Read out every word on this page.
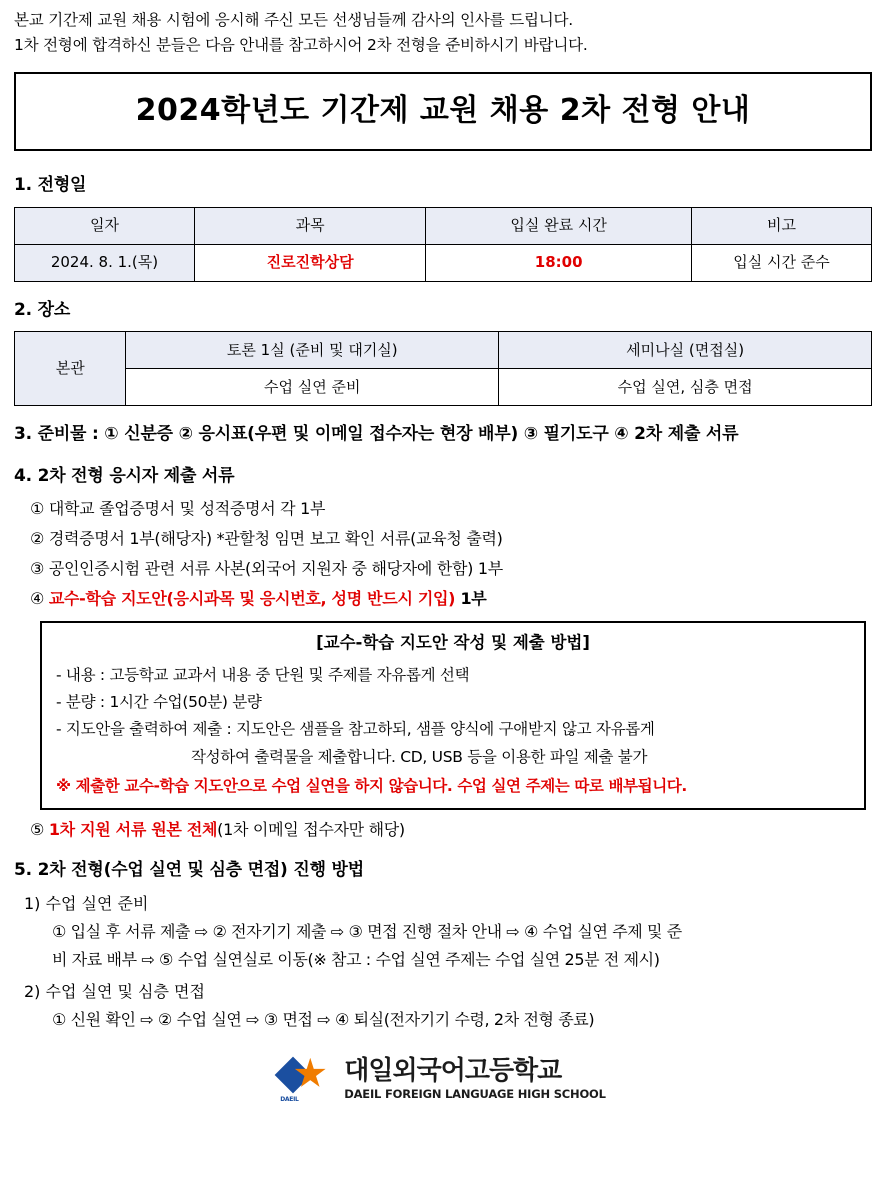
본교 기간제 교원 채용 시험에 응시해 주신 모든 선생님들께 감사의 인사를 드립니다.
1차 전형에 합격하신 분들은 다음 안내를 참고하시어 2차 전형을 준비하시기 바랍니다.
2024학년도 기간제 교원 채용 2차 전형 안내
1. 전형일
일자	과목	입실 완료 시간	비고
2024. 8. 1.(목)	진로진학상담	18:00	입실 시간 준수
2. 장소
본관	토론 1실 (준비 및 대기실)	세미나실 (면접실)
	수업 실연 준비	수업 실연, 심층 면접
3. 준비물 : ① 신분증 ② 응시표(우편 및 이메일 접수자는 현장 배부) ③ 필기도구 ④ 2차 제출 서류
4. 2차 전형 응시자 제출 서류
① 대학교 졸업증명서 및 성적증명서 각 1부
② 경력증명서 1부(해당자) *관할청 임면 보고 확인 서류(교육청 출력)
③ 공인인증시험 관련 서류 사본(외국어 지원자 중 해당자에 한함) 1부
④ 교수-학습 지도안(응시과목 및 응시번호, 성명 반드시 기입) 1부
[교수-학습 지도안 작성 및 제출 방법]
- 내용 : 고등학교 교과서 내용 중 단원 및 주제를 자유롭게 선택
- 분량 : 1시간 수업(50분) 분량
- 지도안을 출력하여 제출 : 지도안은 샘플을 참고하되, 샘플 양식에 구애받지 않고 자유롭게
작성하여 출력물을 제출합니다. CD, USB 등을 이용한 파일 제출 불가
※ 제출한 교수-학습 지도안으로 수업 실연을 하지 않습니다. 수업 실연 주제는 따로 배부됩니다.
⑤ 1차 지원 서류 원본 전체(1차 이메일 접수자만 해당)
5. 2차 전형(수업 실연 및 심층 면접) 진행 방법
1) 수업 실연 준비
① 입실 후 서류 제출 ⇨ ② 전자기기 제출 ⇨ ③ 면접 진행 절차 안내 ⇨ ④ 수업 실연 주제 및 준
비 자료 배부 ⇨ ⑤ 수업 실연실로 이동(※ 참고 : 수업 실연 주제는 수업 실연 25분 전 제시)
2) 수업 실연 및 심층 면접
① 신원 확인 ⇨ ② 수업 실연 ⇨ ③ 면접 ⇨ ④ 퇴실(전자기기 수령, 2차 전형 종료)
DAEIL
대일외국어고등학교
DAEIL FOREIGN LANGUAGE HIGH SCHOOL
